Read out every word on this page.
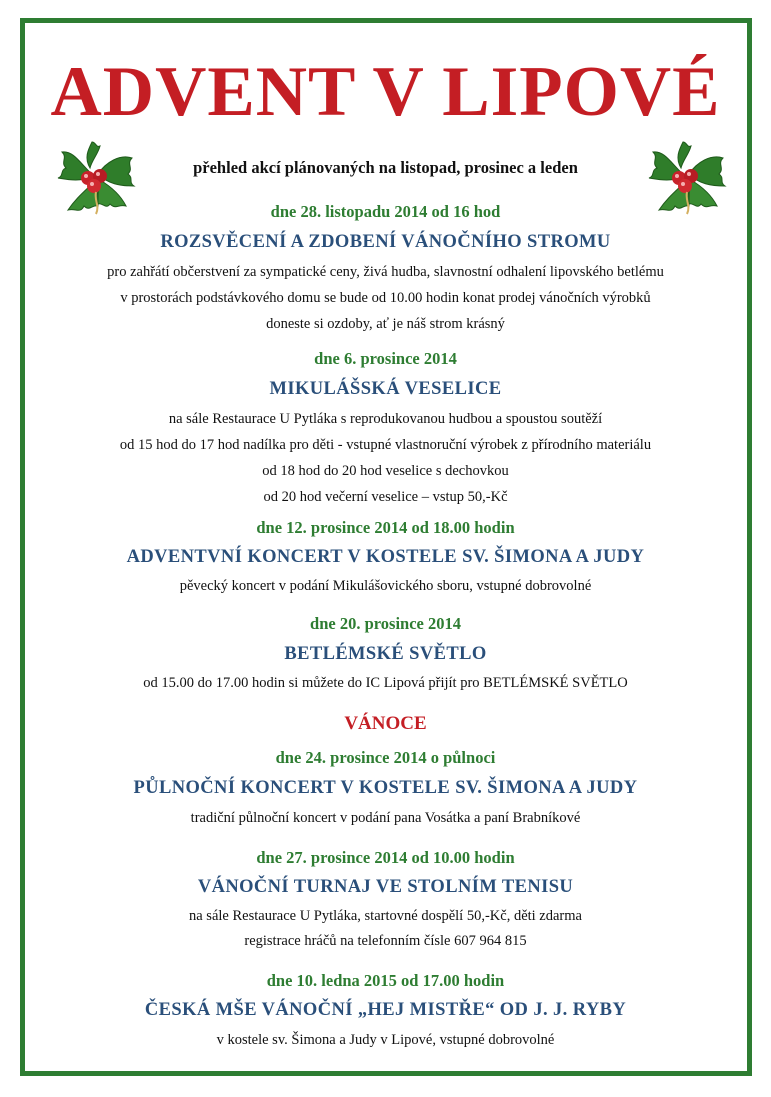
ADVENT V LIPOVÉ
přehled akcí plánovaných na listopad, prosinec a leden
dne 28. listopadu 2014 od 16 hod
ROZSVĚCENÍ A ZDOBENÍ VÁNOČNÍHO STROMU
pro zahřátí občerstvení za sympatické ceny, živá hudba, slavnostní odhalení lipovského betlému
v prostorách podstávkového domu se bude od 10.00 hodin konat prodej vánočních výrobků
doneste si ozdoby, ať je náš strom krásný
dne 6. prosince 2014
MIKULÁŠSKÁ VESELICE
na sále Restaurace U Pytláka s reprodukovanou hudbou a spoustou soutěží
od 15 hod do 17 hod nadílka pro děti - vstupné vlastnoruční výrobek z přírodního materiálu
od 18 hod do 20 hod veselice s dechovkou
od 20 hod večerní veselice – vstup 50,-Kč
dne 12. prosince 2014 od 18.00 hodin
ADVENTVNÍ KONCERT V KOSTELE SV. ŠIMONA A JUDY
pěvecký koncert v podání Mikulášovického sboru, vstupné dobrovolné
dne 20. prosince 2014
BETLÉMSKÉ SVĚTLO
od 15.00 do 17.00 hodin si můžete do IC Lipová přijít pro BETLÉMSKÉ SVĚTLO
VÁNOCE
dne 24. prosince 2014 o půlnoci
PŮLNOČNÍ KONCERT V KOSTELE SV. ŠIMONA A JUDY
tradiční půlnoční koncert v podání pana Vosátka a paní Brabníkové
dne 27. prosince 2014 od 10.00 hodin
VÁNOČNÍ TURNAJ VE STOLNÍM TENISU
na sále Restaurace U Pytláka, startovné dospělí 50,-Kč, děti zdarma
registrace hráčů na telefonním čísle 607 964 815
dne 10. ledna 2015 od 17.00 hodin
ČESKÁ MŠE VÁNOČNÍ „HEJ MISTŘE“ OD J. J. RYBY
v kostele sv. Šimona a Judy v Lipové, vstupné dobrovolné
